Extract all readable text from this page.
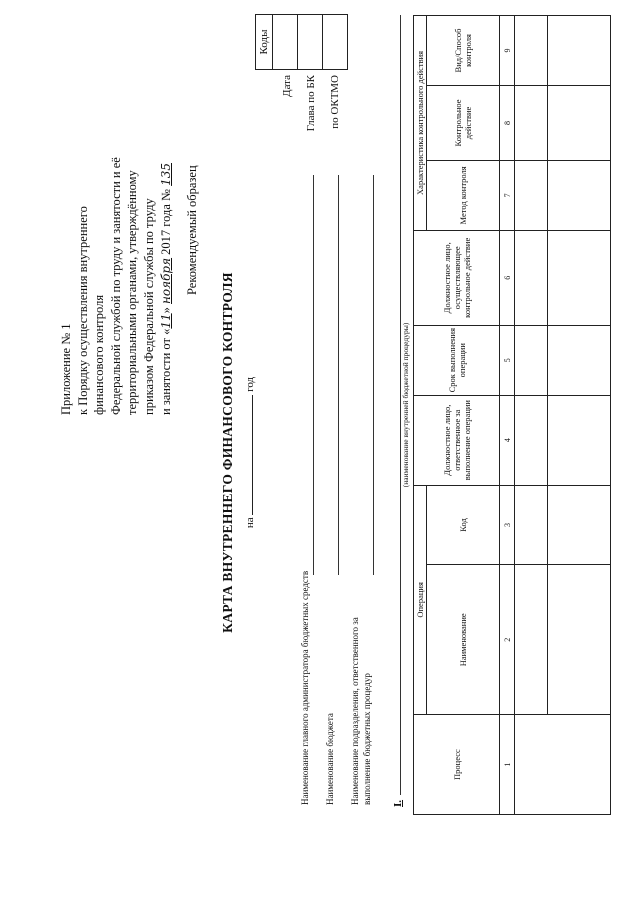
Приложение № 1 к Порядку осуществления внутреннего финансового контроля Федеральной службой по труду и занятости и её территориальными органами, утверждённому приказом Федеральной службы по труду и занятости от «11» ноября 2017 года № 135 Рекомендуемый образец
КАРТА ВНУТРЕННЕГО ФИНАНСОВОГО КОНТРОЛЯ на  год
Дата	Глава по БК	по ОКТМО
Коды

Наименование главного администратора бюджетных средств Наименование бюджета Наименование подразделения, ответственного за выполнение бюджетных процедур I.
(наименование внутренней бюджетной процедуры)
Процесс	Операция		Должностное лицо, ответственное за выполнение операции	Срок выполнения операции	Должностное лицо, осуществляющее контрольное действие	Характеристика контрольного действия		
	Наименование	Код				Метод контроля	Контрольное действие	Вид/Способ контроля
1	2	3	4	5	6	7	8	9
